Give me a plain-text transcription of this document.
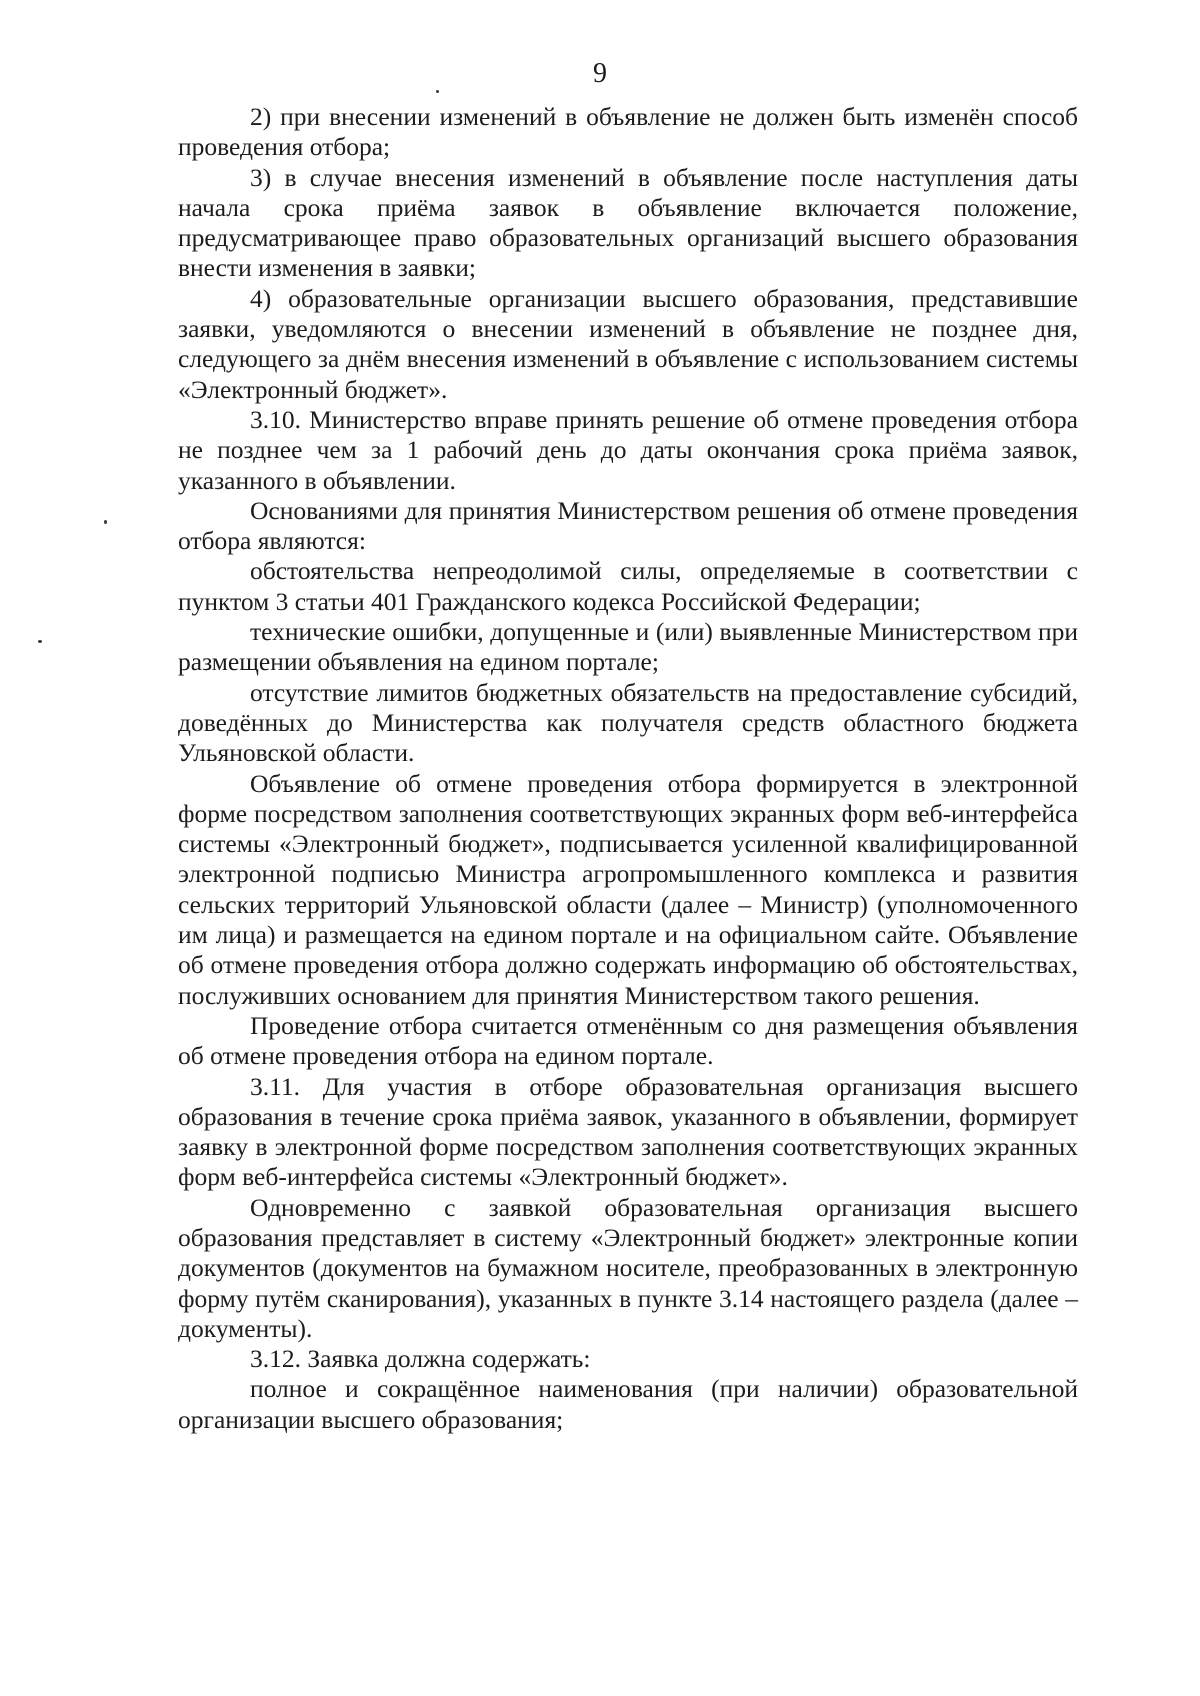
9

2) при внесении изменений в объявление не должен быть изменён способ проведения отбора;

3) в случае внесения изменений в объявление после наступления даты начала срока приёма заявок в объявление включается положение, предусматривающее право образовательных организаций высшего образования внести изменения в заявки;

4) образовательные организации высшего образования, представившие заявки, уведомляются о внесении изменений в объявление не позднее дня, следующего за днём внесения изменений в объявление с использованием системы «Электронный бюджет».

3.10. Министерство вправе принять решение об отмене проведения отбора не позднее чем за 1 рабочий день до даты окончания срока приёма заявок, указанного в объявлении.

Основаниями для принятия Министерством решения об отмене проведения отбора являются:

обстоятельства непреодолимой силы, определяемые в соответствии с пунктом 3 статьи 401 Гражданского кодекса Российской Федерации;

технические ошибки, допущенные и (или) выявленные Министерством при размещении объявления на едином портале;

отсутствие лимитов бюджетных обязательств на предоставление субсидий, доведённых до Министерства как получателя средств областного бюджета Ульяновской области.

Объявление об отмене проведения отбора формируется в электронной форме посредством заполнения соответствующих экранных форм веб-интерфейса системы «Электронный бюджет», подписывается усиленной квалифицированной электронной подписью Министра агропромышленного комплекса и развития сельских территорий Ульяновской области (далее – Министр) (уполномоченного им лица) и размещается на едином портале и на официальном сайте. Объявление об отмене проведения отбора должно содержать информацию об обстоятельствах, послуживших основанием для принятия Министерством такого решения.

Проведение отбора считается отменённым со дня размещения объявления об отмене проведения отбора на едином портале.

3.11. Для участия в отборе образовательная организация высшего образования в течение срока приёма заявок, указанного в объявлении, формирует заявку в электронной форме посредством заполнения соответствующих экранных форм веб-интерфейса системы «Электронный бюджет».

Одновременно с заявкой образовательная организация высшего образования представляет в систему «Электронный бюджет» электронные копии документов (документов на бумажном носителе, преобразованных в электронную форму путём сканирования), указанных в пункте 3.14 настоящего раздела (далее – документы).

3.12. Заявка должна содержать:

полное и сокращённое наименования (при наличии) образовательной организации высшего образования;
